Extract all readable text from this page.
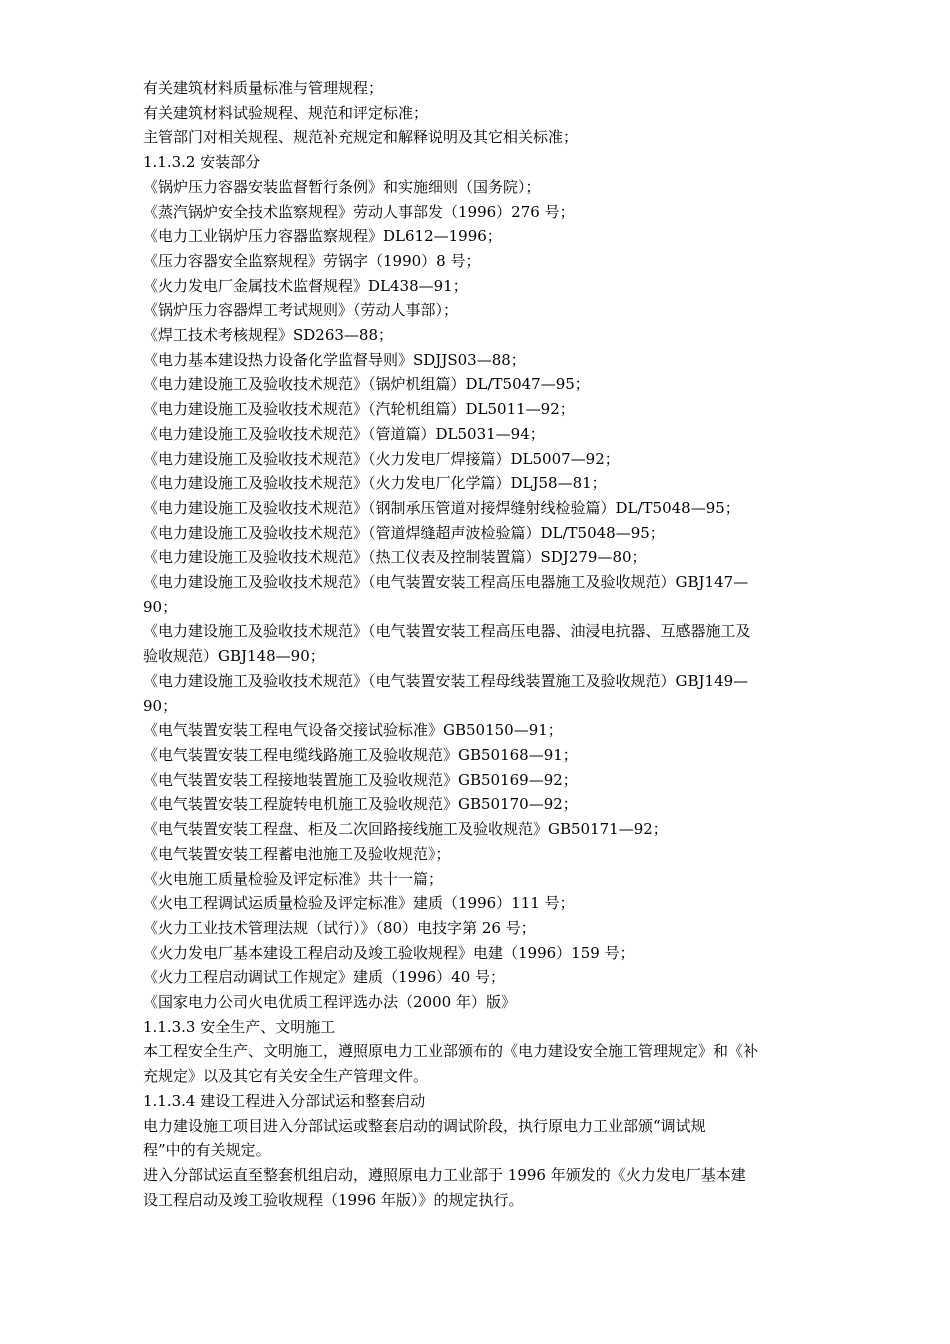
有关建筑材料质量标准与管理规程；
有关建筑材料试验规程、规范和评定标准；
主管部门对相关规程、规范补充规定和解释说明及其它相关标准；
1.1.3.2 安装部分
《锅炉压力容器安装监督暂行条例》和实施细则（国务院）；
《蒸汽锅炉安全技术监察规程》劳动人事部发（1996）276 号；
《电力工业锅炉压力容器监察规程》DL612—1996；
《压力容器安全监察规程》劳锅字（1990）8 号；
《火力发电厂金属技术监督规程》DL438—91；
《锅炉压力容器焊工考试规则》（劳动人事部）；
《焊工技术考核规程》SD263—88；
《电力基本建设热力设备化学监督导则》SDJJS03—88；
《电力建设施工及验收技术规范》（锅炉机组篇）DL/T5047—95；
《电力建设施工及验收技术规范》（汽轮机组篇）DL5011—92；
《电力建设施工及验收技术规范》（管道篇）DL5031—94；
《电力建设施工及验收技术规范》（火力发电厂焊接篇）DL5007—92；
《电力建设施工及验收技术规范》（火力发电厂化学篇）DLJ58—81；
《电力建设施工及验收技术规范》（钢制承压管道对接焊缝射线检验篇）DL/T5048—95；
《电力建设施工及验收技术规范》（管道焊缝超声波检验篇）DL/T5048—95；
《电力建设施工及验收技术规范》（热工仪表及控制装置篇）SDJ279—80；
《电力建设施工及验收技术规范》（电气装置安装工程高压电器施工及验收规范）GBJ147—
90；
《电力建设施工及验收技术规范》（电气装置安装工程高压电器、油浸电抗器、互感器施工及
验收规范）GBJ148—90；
《电力建设施工及验收技术规范》（电气装置安装工程母线装置施工及验收规范）GBJ149—
90；
《电气装置安装工程电气设备交接试验标准》GB50150—91；
《电气装置安装工程电缆线路施工及验收规范》GB50168—91；
《电气装置安装工程接地装置施工及验收规范》GB50169—92；
《电气装置安装工程旋转电机施工及验收规范》GB50170—92；
《电气装置安装工程盘、柜及二次回路接线施工及验收规范》GB50171—92；
《电气装置安装工程蓄电池施工及验收规范》；
《火电施工质量检验及评定标准》共十一篇；
《火电工程调试运质量检验及评定标准》建质（1996）111 号；
《火力工业技术管理法规（试行）》（80）电技字第 26 号；
《火力发电厂基本建设工程启动及竣工验收规程》电建（1996）159 号；
《火力工程启动调试工作规定》建质（1996）40 号；
《国家电力公司火电优质工程评选办法（2000 年）版》
1.1.3.3 安全生产、文明施工
本工程安全生产、文明施工，遵照原电力工业部颁布的《电力建设安全施工管理规定》和《补
充规定》以及其它有关安全生产管理文件。
1.1.3.4 建设工程进入分部试运和整套启动
电力建设施工项目进入分部试运或整套启动的调试阶段，执行原电力工业部颁“调试规
程”中的有关规定。
进入分部试运直至整套机组启动，遵照原电力工业部于 1996 年颁发的《火力发电厂基本建
设工程启动及竣工验收规程（1996 年版）》的规定执行。
